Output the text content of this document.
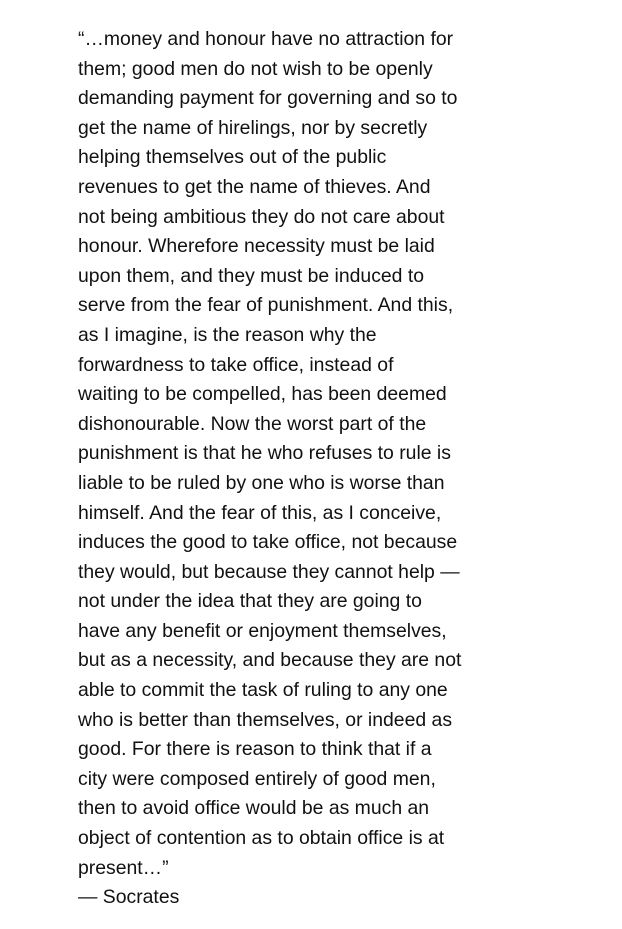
“…money and honour have no attraction for
them; good men do not wish to be openly
demanding payment for governing and so to
get the name of hirelings, nor by secretly
helping themselves out of the public
revenues to get the name of thieves. And
not being ambitious they do not care about
honour. Wherefore necessity must be laid
upon them, and they must be induced to
serve from the fear of punishment. And this,
as I imagine, is the reason why the
forwardness to take office, instead of
waiting to be compelled, has been deemed
dishonourable. Now the worst part of the
punishment is that he who refuses to rule is
liable to be ruled by one who is worse than
himself. And the fear of this, as I conceive,
induces the good to take office, not because
they would, but because they cannot help —
not under the idea that they are going to
have any benefit or enjoyment themselves,
but as a necessity, and because they are not
able to commit the task of ruling to any one
who is better than themselves, or indeed as
good. For there is reason to think that if a
city were composed entirely of good men,
then to avoid office would be as much an
object of contention as to obtain office is at
present…”
— Socrates
